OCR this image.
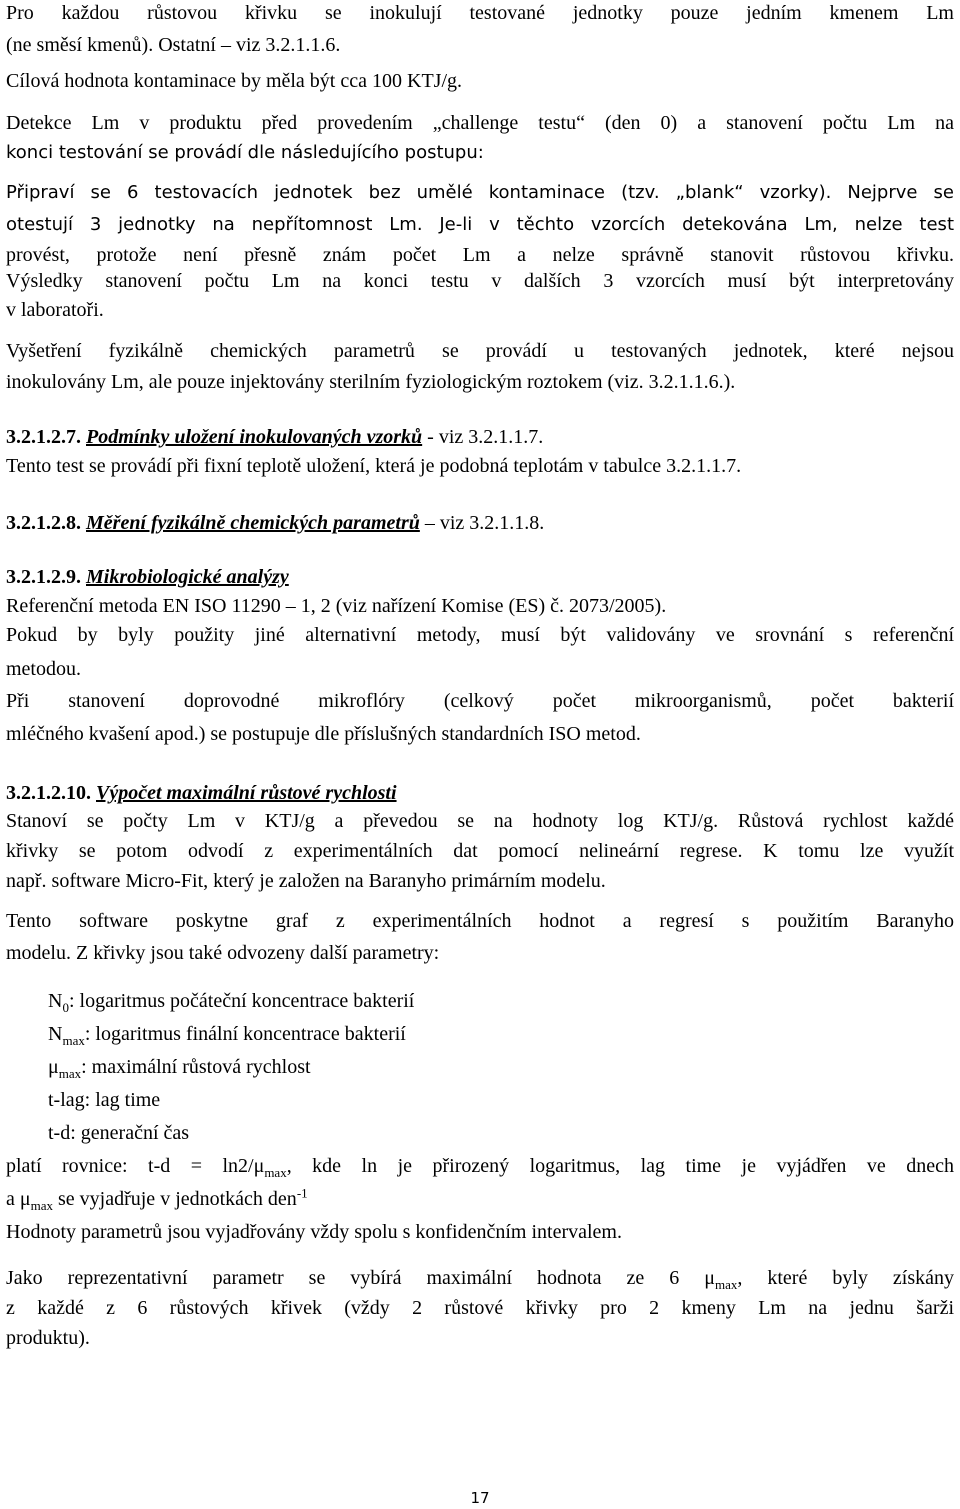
Pro každou růstovou křivku se inokulují testované jednotky pouze jedním kmenem Lm
(ne směsí kmenů). Ostatní – viz 3.2.1.1.6.
Cílová hodnota kontaminace by měla být cca 100 KTJ/g.
Detekce Lm v produktu před provedením „challenge testu“ (den 0) a stanovení počtu Lm na
konci testování se provádí dle následujícího postupu:
Připraví se 6 testovacích jednotek bez umělé kontaminace (tzv. „blank“ vzorky). Nejprve se
otestují 3 jednotky na nepřítomnost Lm. Je-li v těchto vzorcích detekována Lm, nelze test
provést, protože není přesně znám počet Lm a nelze správně stanovit růstovou křivku.
Výsledky stanovení počtu Lm na konci testu v dalších 3 vzorcích musí být interpretovány
v laboratoři.
Vyšetření fyzikálně chemických parametrů se provádí u testovaných jednotek, které nejsou
inokulovány Lm, ale pouze injektovány sterilním fyziologickým roztokem (viz. 3.2.1.1.6.).
3.2.1.2.7. Podmínky uložení inokulovaných vzorků - viz 3.2.1.1.7.
Tento test se provádí při fixní teplotě uložení, která je podobná teplotám v tabulce 3.2.1.1.7.
3.2.1.2.8. Měření fyzikálně chemických parametrů – viz 3.2.1.1.8.
3.2.1.2.9. Mikrobiologické analýzy
Referenční metoda EN ISO 11290 – 1, 2 (viz nařízení Komise (ES) č. 2073/2005).
Pokud by byly použity jiné alternativní metody, musí být validovány ve srovnání s referenční
metodou.
Při stanovení doprovodné mikroflóry (celkový počet mikroorganismů, počet bakterií
mléčného kvašení apod.) se postupuje dle příslušných standardních ISO metod.
3.2.1.2.10. Výpočet maximální růstové rychlosti
Stanoví se počty Lm v KTJ/g a převedou se na hodnoty log KTJ/g. Růstová rychlost každé
křivky se potom odvodí z experimentálních dat pomocí nelineární regrese. K tomu lze využít
např. software Micro-Fit, který je založen na Baranyho primárním modelu.
Tento software poskytne graf z experimentálních hodnot a regresí s použitím Baranyho
modelu. Z křivky jsou také odvozeny další parametry:
$N_0$: logaritmus počáteční koncentrace bakterií
$N_{max}$: logaritmus finální koncentrace bakterií
$\mu_{max}$: maximální růstová rychlost
t-lag: lag time
t-d: generační čas
platí rovnice: $t-d = \ln 2/\mu_{max}$, kde ln je přirozený logaritmus, lag time je vyjádřen ve dnech
a $\mu_{max}$ se vyjadřuje v jednotkách den$^{-1}$
Hodnoty parametrů jsou vyjadřovány vždy spolu s konfidenčním intervalem.
Jako reprezentativní parametr se vybírá maximální hodnota ze 6 $\mu_{max}$, které byly získány
z každé z 6 růstových křivek (vždy 2 růstové křivky pro 2 kmeny Lm na jednu šarži
produktu).
17
